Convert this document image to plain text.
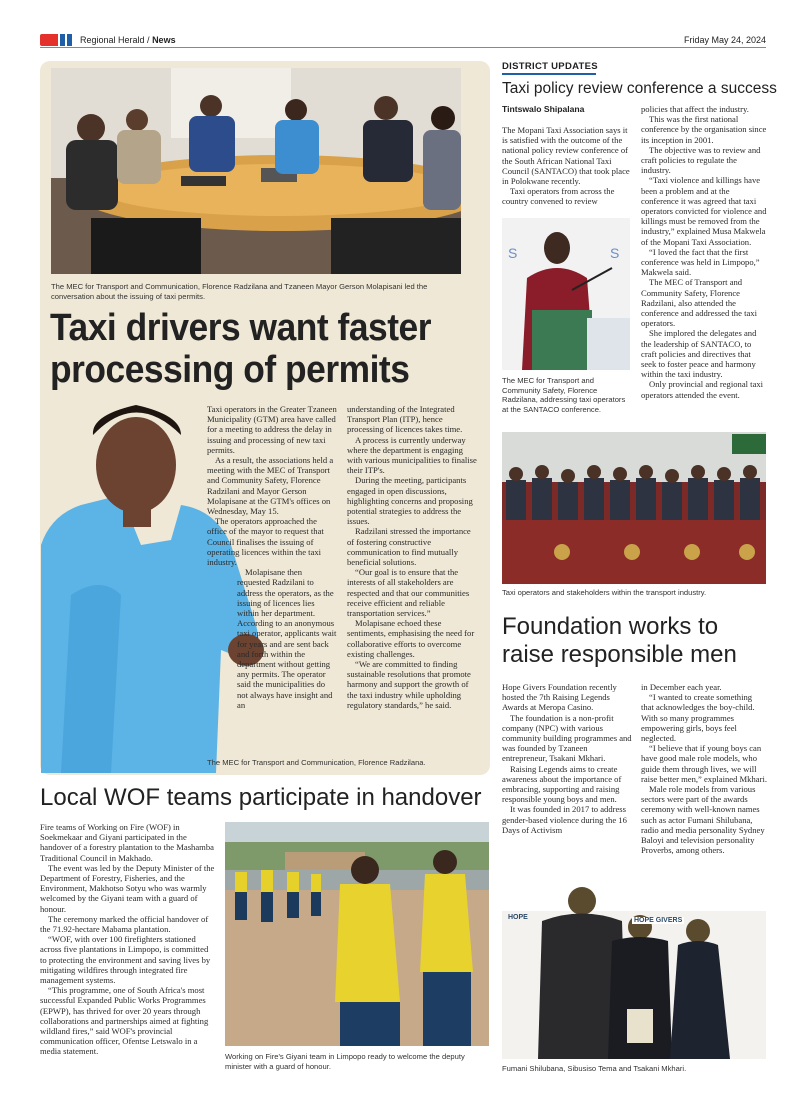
Regional Herald / News	Friday May 24, 2024
The MEC for Transport and Communication, Florence Radzilana and Tzaneen Mayor Gerson Molapisani led the conversation about the issuing of taxi permits.
Taxi drivers want faster processing of permits

Taxi operators in the Greater Tzaneen Municipality (GTM) area have called for a meeting to address the delay in issuing and processing of new taxi permits.

As a result, the associations held a meeting with the MEC of Transport and Community Safety, Florence Radzilani and Mayor Gerson Molapisane at the GTM's offices on Wednesday, May 15.

The operators approached the office of the mayor to request that Council finalises the issuing of operating licences within the taxi industry.

Molapisane then requested Radzilani to address the operators, as the issuing of licences lies within her department. According to an anonymous taxi operator, applicants wait for years and are sent back and forth within the department without getting any permits. The operator said the municipalities do not always have insight and an

understanding of the Integrated Transport Plan (ITP), hence processing of licences takes time.

A process is currently underway where the department is engaging with various municipalities to finalise their ITP's.

During the meeting, participants engaged in open discussions, highlighting concerns and proposing potential strategies to address the issues.

Radzilani stressed the importance of fostering constructive communication to find mutually beneficial solutions.

“Our goal is to ensure that the interests of all stakeholders are respected and that our communities receive efficient and reliable transportation services.”

Molapisane echoed these sentiments, emphasising the need for collaborative efforts to overcome existing challenges.

“We are committed to finding sustainable resolutions that promote harmony and support the growth of the taxi industry while upholding regulatory standards,” he said.

The MEC for Transport and Communication, Florence Radzilana.
Local WOF teams participate in handover

Fire teams of Working on Fire (WOF) in Soekmekaar and Giyani participated in the handover of a forestry plantation to the Mashamba Traditional Council in Makhado.

The event was led by the Deputy Minister of the Department of Forestry, Fisheries, and the Environment, Makhotso Sotyu who was warmly welcomed by the Giyani team with a guard of honour.

The ceremony marked the official handover of the 71.92-hectare Mabama plantation.

“WOF, with over 100 firefighters stationed across five plantations in Limpopo, is committed to protecting the environment and saving lives by mitigating wildfires through integrated fire management systems.

“This programme, one of South Africa's most successful Expanded Public Works Programmes (EPWP), has thrived for over 20 years through collaborations and partnerships aimed at fighting wildland fires,” said WOF's provincial communication officer, Ofentse Letswalo in a media statement.

Working on Fire's Giyani team in Limpopo ready to welcome the deputy minister with a guard of honour.
DISTRICT UPDATES
Taxi policy review conference a success
Tintswalo Shipalana

The Mopani Taxi Association says it is satisfied with the outcome of the national policy review conference of the South African National Taxi Council (SANTACO) that took place in Polokwane recently.

Taxi operators from across the country convened to review

policies that affect the industry.

This was the first national conference by the organisation since its inception in 2001.

The objective was to review and craft policies to regulate the industry.

“Taxi violence and killings have been a problem and at the conference it was agreed that taxi operators convicted for violence and killings must be removed from the industry,” explained Musa Makwela of the Mopani Taxi Association.

“I loved the fact that the first conference was held in Limpopo,” Makwela said.

The MEC of Transport and Community Safety, Florence Radzilani, also attended the conference and addressed the taxi operators.

She implored the delegates and the leadership of SANTACO, to craft policies and directives that seek to foster peace and harmony within the taxi industry.

Only provincial and regional taxi operators attended the event.

S	S
The MEC for Transport and Community Safety, Florence Radzilana, addressing taxi operators at the SANTACO conference.
Taxi operators and stakeholders within the transport industry.
Foundation works to raise responsible men

Hope Givers Foundation recently hosted the 7th Raising Legends Awards at Meropa Casino.

The foundation is a non-profit company (NPC) with various community building programmes and was founded by Tzaneen entrepreneur, Tsakani Mkhari.

Raising Legends aims to create awareness about the importance of embracing, supporting and raising responsible young boys and men.

It was founded in 2017 to address gender-based violence during the 16 Days of Activism

in December each year.

“I wanted to create something that acknowledges the boy-child. With so many programmes empowering girls, boys feel neglected.

“I believe that if young boys can have good male role models, who guide them through lives, we will raise better men,” explained Mkhari.

Male role models from various sectors were part of the awards ceremony with well-known names such as actor Fumani Shilubana, radio and media personality Sydney Baloyi and television personality Proverbs, among others.

HOPE	HOPE GIVERS
Fumani Shilubana, Sibusiso Tema and Tsakani Mkhari.
